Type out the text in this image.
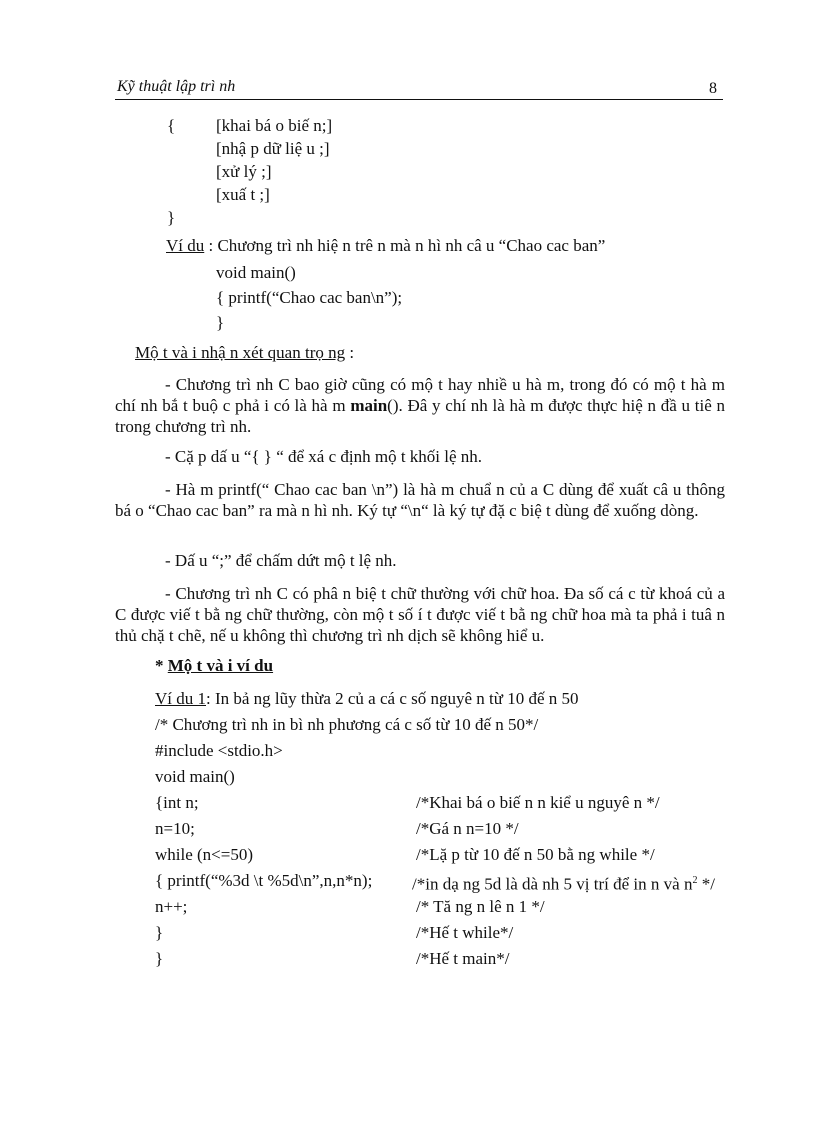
Kỹ thuật lập trì nh	8
{ [khai bá o biế n;]
[nhậ p dữ liệ u ;]
[xử lý ;]
[xuấ t ;]
}
Ví du : Chương trì nh hiệ n trê n mà n hì nh câ u “Chao cac ban”
void main()
{ printf(“Chao cac ban\n”);
}
Mộ t và i nhậ n xét quan trọ ng :
- Chương trì nh C bao giờ cũng có mộ t hay nhiề u hà m, trong đó có mộ t hà m chí nh bắ t buộ c phả i có là hà m main(). Đâ y chí nh là hà m được thực hiệ n đầ u tiê n trong chương trì nh.
- Cặ p dấ u “{ } “ để xá c định mộ t khối lệ nh.
- Hà m printf(“ Chao cac ban \n”) là hà m chuẩ n củ a C dùng để xuất câ u thông bá o “Chao cac ban” ra mà n hì nh. Ký tự “\n“ là ký tự đặ c biệ t dùng để xuống dòng.
- Dấ u “;” để chấm dứt mộ t lệ nh.
- Chương trì nh C có phâ n biệ t chữ thường với chữ hoa. Đa số cá c từ khoá củ a C được viế t bằ ng chữ thường, còn mộ t số í t được viế t bằ ng chữ hoa mà ta phả i tuâ n thủ chặ t chẽ, nế u không thì chương trì nh dịch sẽ không hiể u.
* Mộ t và i ví du
Ví du 1: In bả ng lũy thừa 2 củ a cá c số nguyê n từ 10 đế n 50
/* Chương trì nh in bì nh phương cá c số từ 10 đế n 50*/
#include <stdio.h>
void main()
{int n;	/*Khai bá o biế n n kiể u nguyê n */
n=10;	/*Gá n n=10 */
while (n<=50)	/*Lặ p từ 10 đế n 50 bằ ng while */
{ printf(“%3d \t %5d\n”,n,n*n); /*in dạ ng 5d là dà nh 5 vị trí để in n và $n^2$ */
n++;	/* Tă ng n lê n 1 */
}	/*Hế t while*/
}	/*Hế t main*/
